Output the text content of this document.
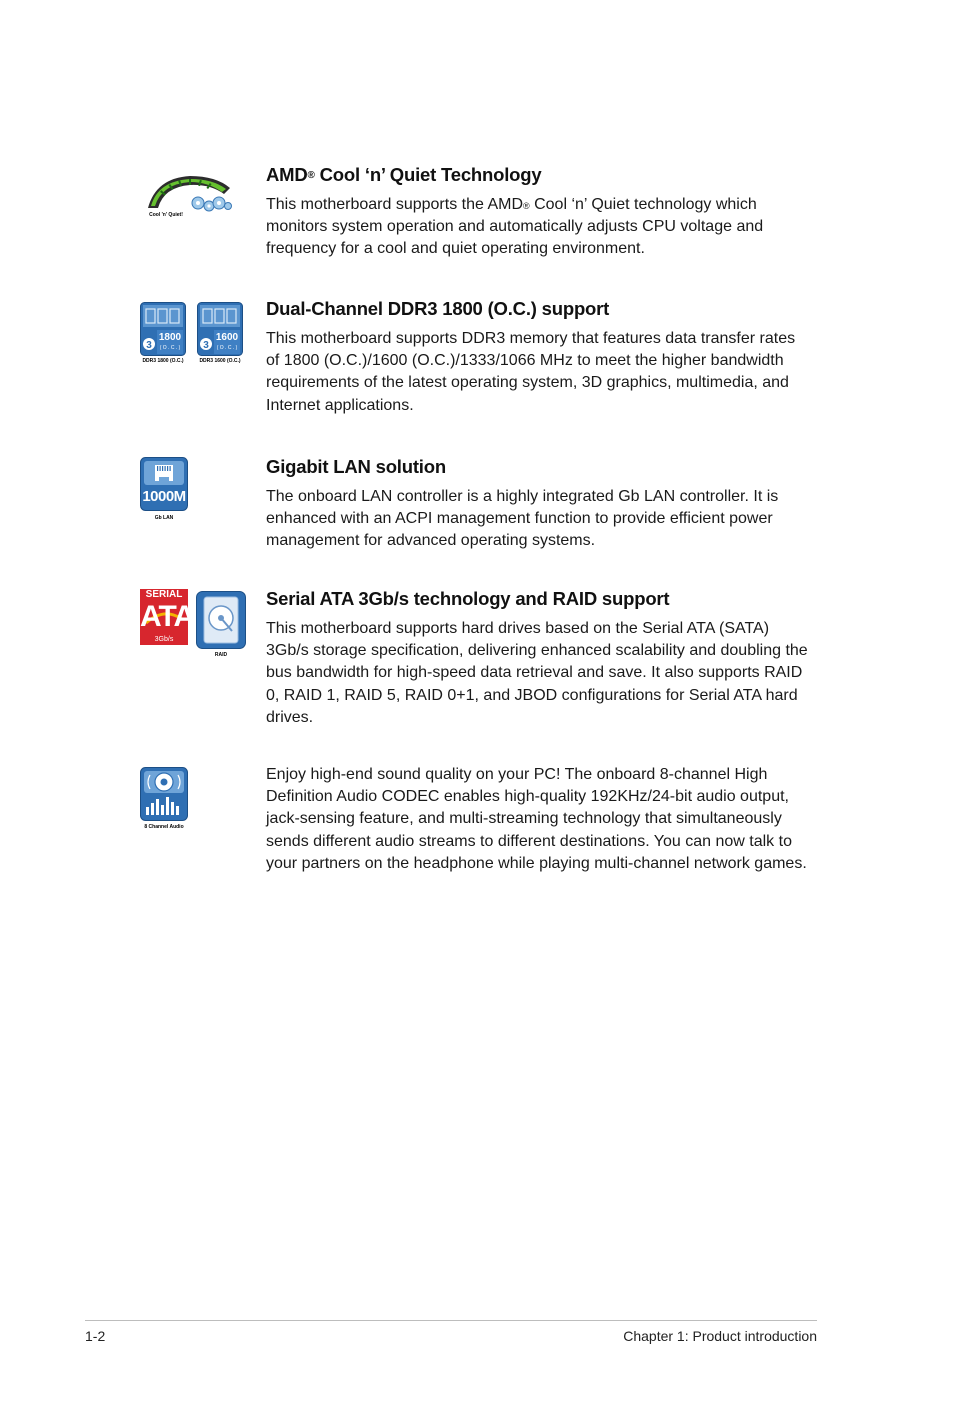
Cool 'n' Quiet!
AMD® Cool ‘n’ Quiet Technology

This motherboard supports the AMD® Cool ‘n’ Quiet technology which monitors system operation and automatically adjusts CPU voltage and frequency for a cool and quiet operating environment.

3
1800
( O . C . )
DDR3 1800 (O.C.)
3
1600
( O . C . )
DDR3 1600 (O.C.)
Dual-Channel DDR3 1800 (O.C.) support

This motherboard supports DDR3 memory that features data transfer rates of 1800 (O.C.)/1600 (O.C.)/1333/1066 MHz to meet the higher bandwidth requirements of the latest operating system, 3D graphics, multimedia, and Internet applications.

1000M
Gb LAN
Gigabit LAN solution

The onboard LAN controller is a highly integrated Gb LAN controller. It is enhanced with an ACPI management function to provide efficient power management for advanced operating systems.

SERIAL
ATA
3Gb/s
RAID
Serial ATA 3Gb/s technology and RAID support

This motherboard supports hard drives based on the Serial ATA (SATA) 3Gb/s storage specification, delivering enhanced scalability and doubling the bus bandwidth for high-speed data retrieval and save. It also supports RAID 0, RAID 1, RAID 5, RAID 0+1, and JBOD configurations for Serial ATA hard drives.

8 Channel Audio

Enjoy high-end sound quality on your PC! The onboard 8-channel High Definition Audio CODEC enables high-quality 192KHz/24-bit audio output, jack-sensing feature, and multi-streaming technology that simultaneously sends different audio streams to different destinations. You can now talk to your partners on the headphone while playing multi-channel network games.

1-2	Chapter 1: Product introduction
